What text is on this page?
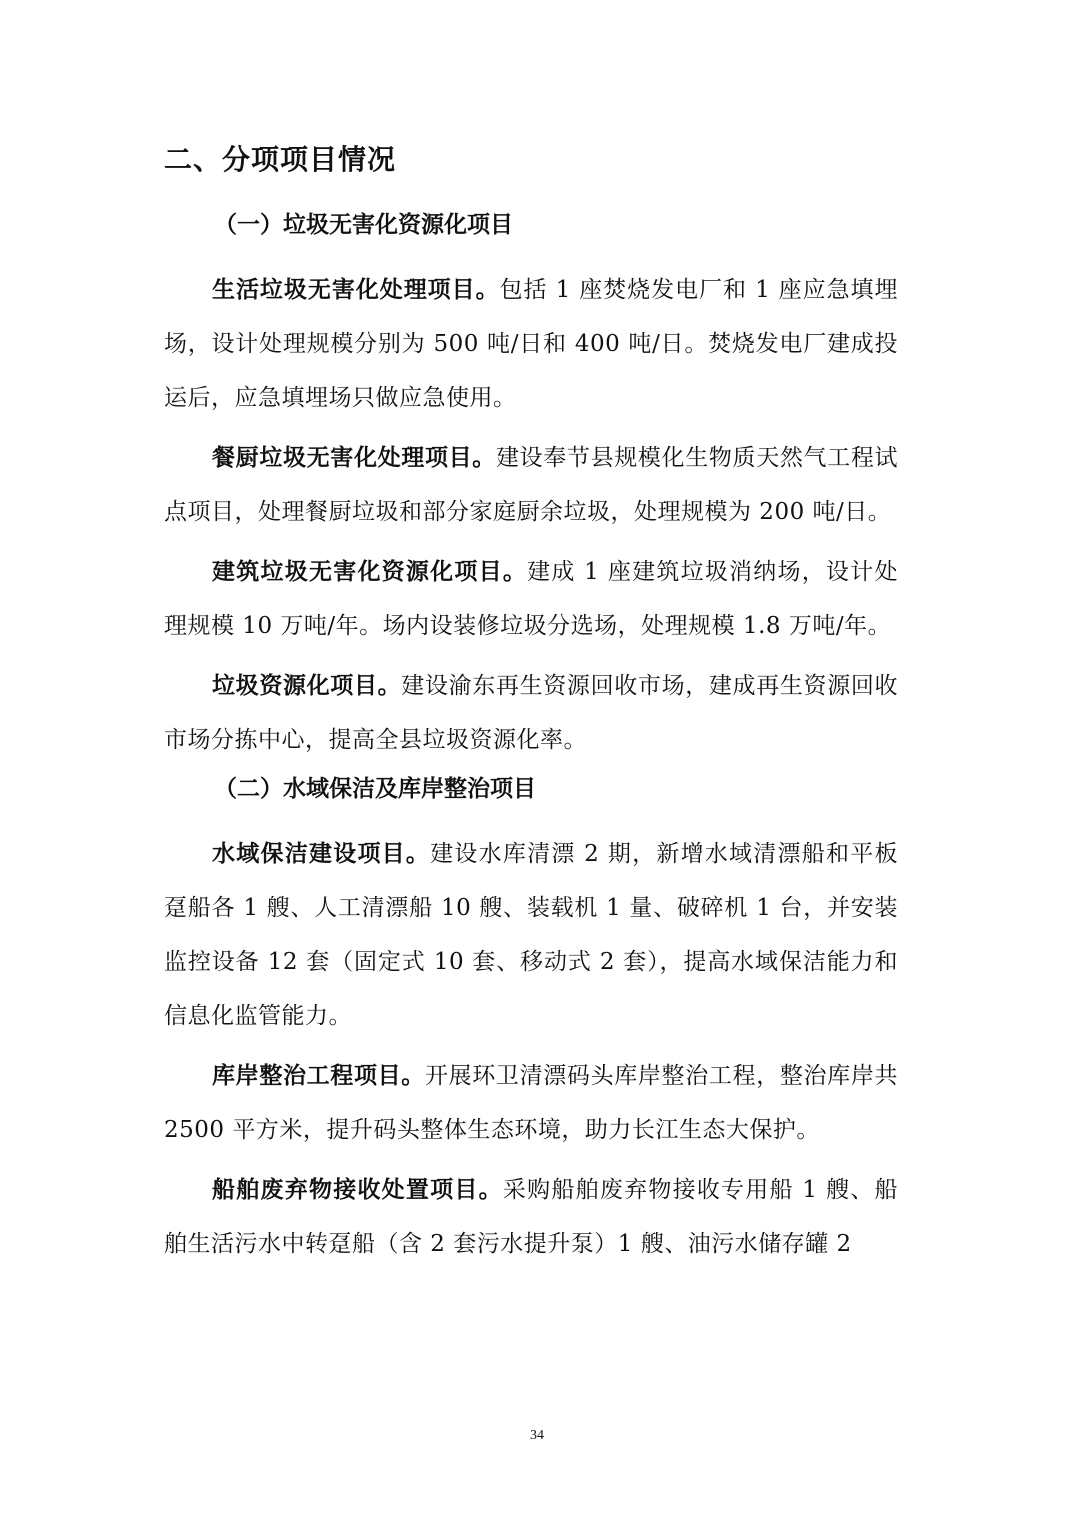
二、分项项目情况
（一）垃圾无害化资源化项目

生活垃圾无害化处理项目。包括 1 座焚烧发电厂和 1 座应急填埋场，设计处理规模分别为 500 吨/日和 400 吨/日。焚烧发电厂建成投运后，应急填埋场只做应急使用。

餐厨垃圾无害化处理项目。建设奉节县规模化生物质天然气工程试点项目，处理餐厨垃圾和部分家庭厨余垃圾，处理规模为 200 吨/日。

建筑垃圾无害化资源化项目。建成 1 座建筑垃圾消纳场，设计处理规模 10 万吨/年。场内设装修垃圾分选场，处理规模 1.8 万吨/年。

垃圾资源化项目。建设渝东再生资源回收市场，建成再生资源回收市场分拣中心，提高全县垃圾资源化率。

（二）水域保洁及库岸整治项目

水域保洁建设项目。建设水库清漂 2 期，新增水域清漂船和平板趸船各 1 艘、人工清漂船 10 艘、装载机 1 量、破碎机 1 台，并安装监控设备 12 套（固定式 10 套、移动式 2 套），提高水域保洁能力和信息化监管能力。

库岸整治工程项目。开展环卫清漂码头库岸整治工程，整治库岸共 2500 平方米，提升码头整体生态环境，助力长江生态大保护。

船舶废弃物接收处置项目。采购船舶废弃物接收专用船 1 艘、船舶生活污水中转趸船（含 2 套污水提升泵）1 艘、油污水储存罐 2

34
